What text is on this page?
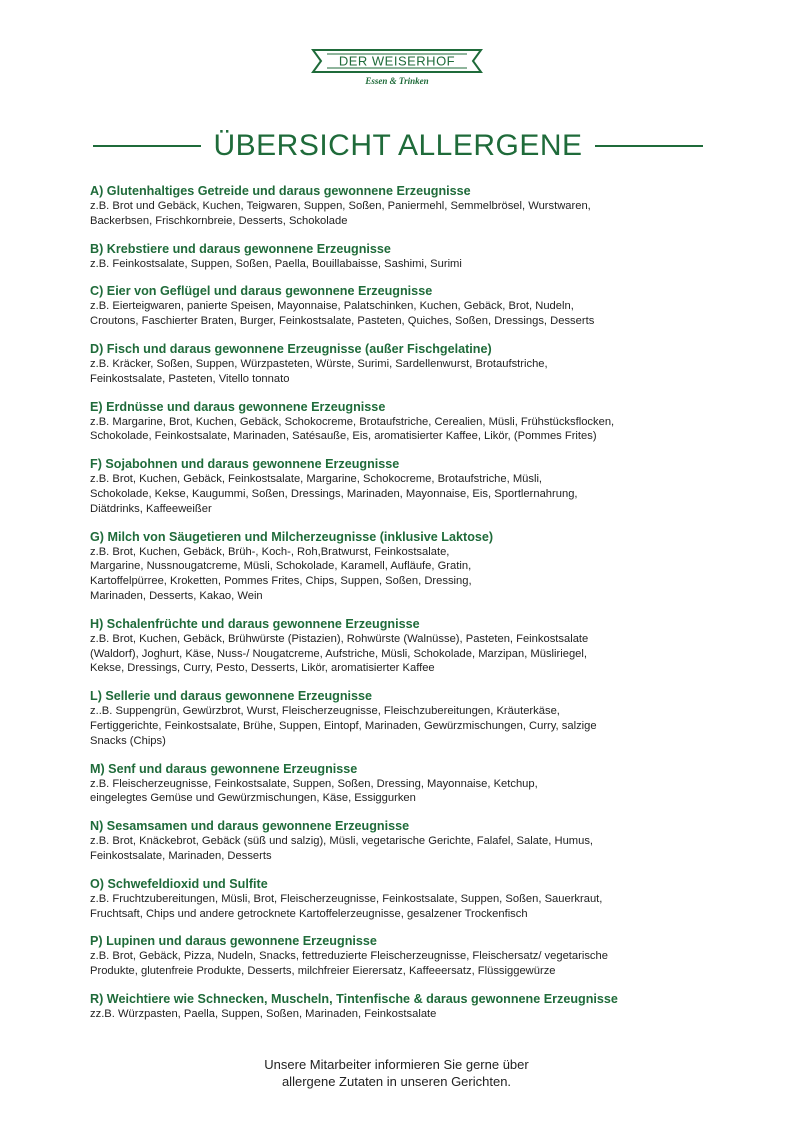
DER WEISERHOF
Essen & Trinken
ÜBERSICHT ALLERGENE
A) Glutenhaltiges Getreide und daraus gewonnene Erzeugnisse

z.B. Brot und Gebäck, Kuchen, Teigwaren, Suppen, Soßen, Paniermehl, Semmelbrösel, Wurstwaren,
Backerbsen, Frischkornbreie, Desserts, Schokolade

B) Krebstiere und daraus gewonnene Erzeugnisse

z.B. Feinkostsalate, Suppen, Soßen, Paella, Bouillabaisse, Sashimi, Surimi

C) Eier von Geflügel und daraus gewonnene Erzeugnisse

z.B. Eierteigwaren, panierte Speisen, Mayonnaise, Palatschinken, Kuchen, Gebäck, Brot, Nudeln,
Croutons, Faschierter Braten, Burger, Feinkostsalate, Pasteten, Quiches, Soßen, Dressings, Desserts

D) Fisch und daraus gewonnene Erzeugnisse (außer Fischgelatine)

z.B. Kräcker, Soßen, Suppen, Würzpasteten, Würste, Surimi, Sardellenwurst, Brotaufstriche,
Feinkostsalate, Pasteten, Vitello tonnato

E) Erdnüsse und daraus gewonnene Erzeugnisse

z.B. Margarine, Brot, Kuchen, Gebäck, Schokocreme, Brotaufstriche, Cerealien, Müsli, Frühstücksflocken,
Schokolade, Feinkostsalate, Marinaden, Satésauße, Eis, aromatisierter Kaffee, Likör, (Pommes Frites)

F) Sojabohnen und daraus gewonnene Erzeugnisse

z.B. Brot, Kuchen, Gebäck, Feinkostsalate, Margarine, Schokocreme, Brotaufstriche, Müsli,
Schokolade, Kekse, Kaugummi, Soßen, Dressings, Marinaden, Mayonnaise, Eis, Sportlernahrung,
Diätdrinks, Kaffeeweißer

G) Milch von Säugetieren und Milcherzeugnisse (inklusive Laktose)

z.B. Brot, Kuchen, Gebäck, Brüh-, Koch-, Roh,Bratwurst, Feinkostsalate,
Margarine, Nussnougatcreme, Müsli, Schokolade, Karamell, Aufläufe, Gratin,
Kartoffelpürree, Kroketten, Pommes Frites, Chips, Suppen, Soßen, Dressing,
Marinaden, Desserts, Kakao, Wein

H) Schalenfrüchte und daraus gewonnene Erzeugnisse

z.B. Brot, Kuchen, Gebäck, Brühwürste (Pistazien), Rohwürste (Walnüsse), Pasteten, Feinkostsalate
(Waldorf), Joghurt, Käse, Nuss-/ Nougatcreme, Aufstriche, Müsli, Schokolade, Marzipan, Müsliriegel,
Kekse, Dressings, Curry, Pesto, Desserts, Likör, aromatisierter Kaffee

L) Sellerie und daraus gewonnene Erzeugnisse

z..B. Suppengrün, Gewürzbrot, Wurst, Fleischerzeugnisse, Fleischzubereitungen, Kräuterkäse,
Fertiggerichte, Feinkostsalate, Brühe, Suppen, Eintopf, Marinaden, Gewürzmischungen, Curry, salzige
Snacks (Chips)

M) Senf und daraus gewonnene Erzeugnisse

z.B. Fleischerzeugnisse, Feinkostsalate, Suppen, Soßen, Dressing, Mayonnaise, Ketchup,
eingelegtes Gemüse und Gewürzmischungen, Käse, Essiggurken

N) Sesamsamen und daraus gewonnene Erzeugnisse

z.B. Brot, Knäckebrot, Gebäck (süß und salzig), Müsli, vegetarische Gerichte, Falafel, Salate, Humus,
Feinkostsalate, Marinaden, Desserts

O) Schwefeldioxid und Sulfite

z.B. Fruchtzubereitungen, Müsli, Brot, Fleischerzeugnisse, Feinkostsalate, Suppen, Soßen, Sauerkraut,
Fruchtsaft, Chips und andere getrocknete Kartoffelerzeugnisse, gesalzener Trockenfisch

P) Lupinen und daraus gewonnene Erzeugnisse

z.B. Brot, Gebäck, Pizza, Nudeln, Snacks, fettreduzierte Fleischerzeugnisse, Fleischersatz/ vegetarische
Produkte, glutenfreie Produkte, Desserts, milchfreier Eierersatz, Kaffeeersatz, Flüssiggewürze

R) Weichtiere wie Schnecken, Muscheln, Tintenfische & daraus gewonnene Erzeugnisse

zz.B. Würzpasten, Paella, Suppen, Soßen, Marinaden, Feinkostsalate

Unsere Mitarbeiter informieren Sie gerne über
allergene Zutaten in unseren Gerichten.
